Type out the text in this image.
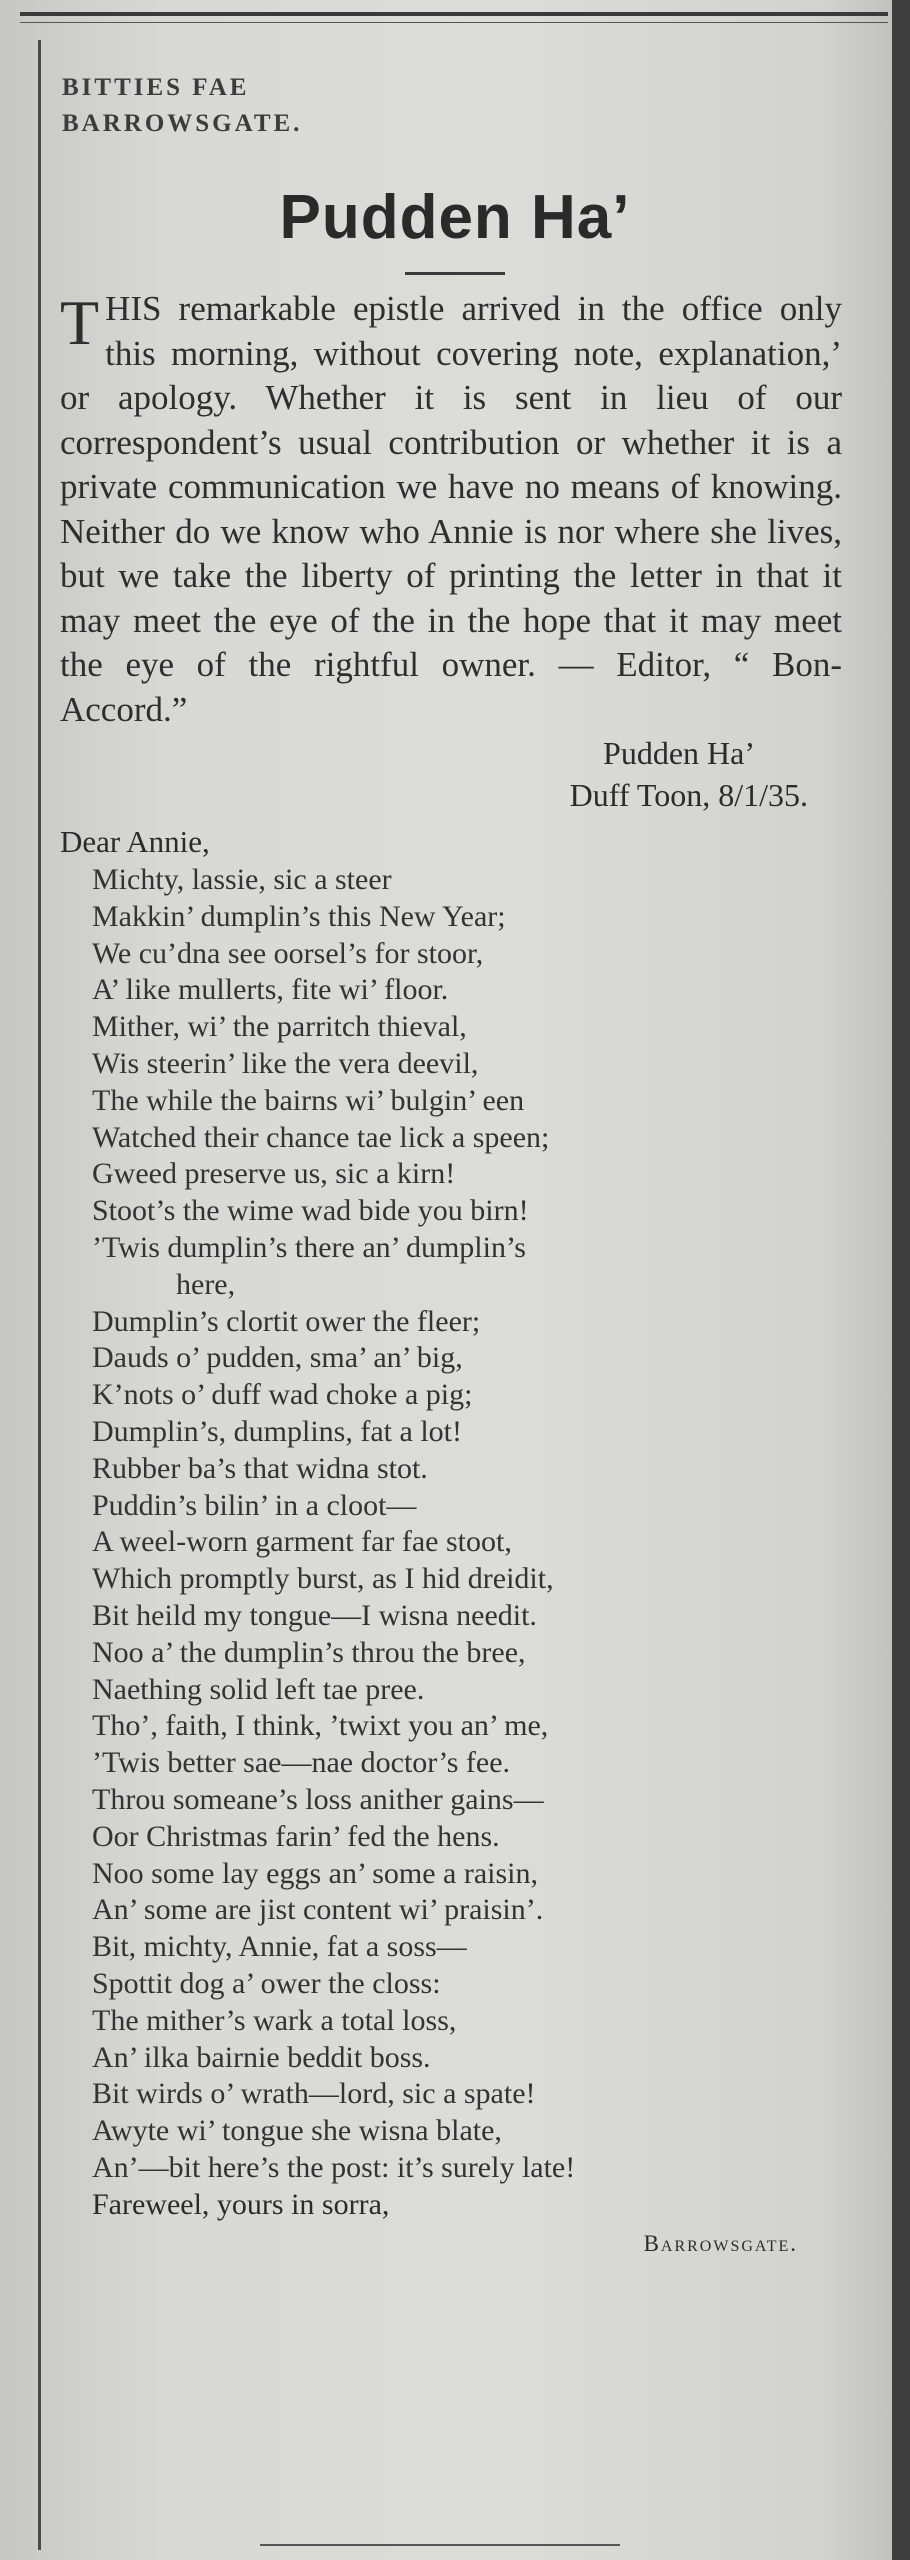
BITTIES FAE
BARROWSGATE.
Pudden Ha’

THIS remarkable epistle arrived in the office only this morning, without covering note, explanation,’ or apology. Whether it is sent in lieu of our correspondent’s usual contribution or whether it is a private communication we have no means of knowing. Neither do we know who Annie is nor where she lives, but we take the liberty of printing the letter in that it may meet the eye of the in the hope that it may meet the eye of the rightful owner. — Editor, “ Bon-Accord.”

Pudden Ha’
Duff Toon, 8/1/35.
Dear Annie,
Michty, lassie, sic a steer
Makkin’ dumplin’s this New Year;
We cu’dna see oorsel’s for stoor,
A’ like mullerts, fite wi’ floor.
Mither, wi’ the parritch thieval,
Wis steerin’ like the vera deevil,
The while the bairns wi’ bulgin’ een
Watched their chance tae lick a speen;
Gweed preserve us, sic a kirn!
Stoot’s the wime wad bide you birn!
’Twis dumplin’s there an’ dumplin’s
here,
Dumplin’s clortit ower the fleer;
Dauds o’ pudden, sma’ an’ big,
K’nots o’ duff wad choke a pig;
Dumplin’s, dumplins, fat a lot!
Rubber ba’s that widna stot.
Puddin’s bilin’ in a cloot—
A weel-worn garment far fae stoot,
Which promptly burst, as I hid dreidit,
Bit heild my tongue—I wisna needit.
Noo a’ the dumplin’s throu the bree,
Naething solid left tae pree.
Tho’, faith, I think, ’twixt you an’ me,
’Twis better sae—nae doctor’s fee.
Throu someane’s loss anither gains—
Oor Christmas farin’ fed the hens.
Noo some lay eggs an’ some a raisin,
An’ some are jist content wi’ praisin’.
Bit, michty, Annie, fat a soss—
Spottit dog a’ ower the closs:
The mither’s wark a total loss,
An’ ilka bairnie beddit boss.
Bit wirds o’ wrath—lord, sic a spate!
Awyte wi’ tongue she wisna blate,
An’—bit here’s the post: it’s surely late!
Fareweel, yours in sorra,
Barrowsgate.
